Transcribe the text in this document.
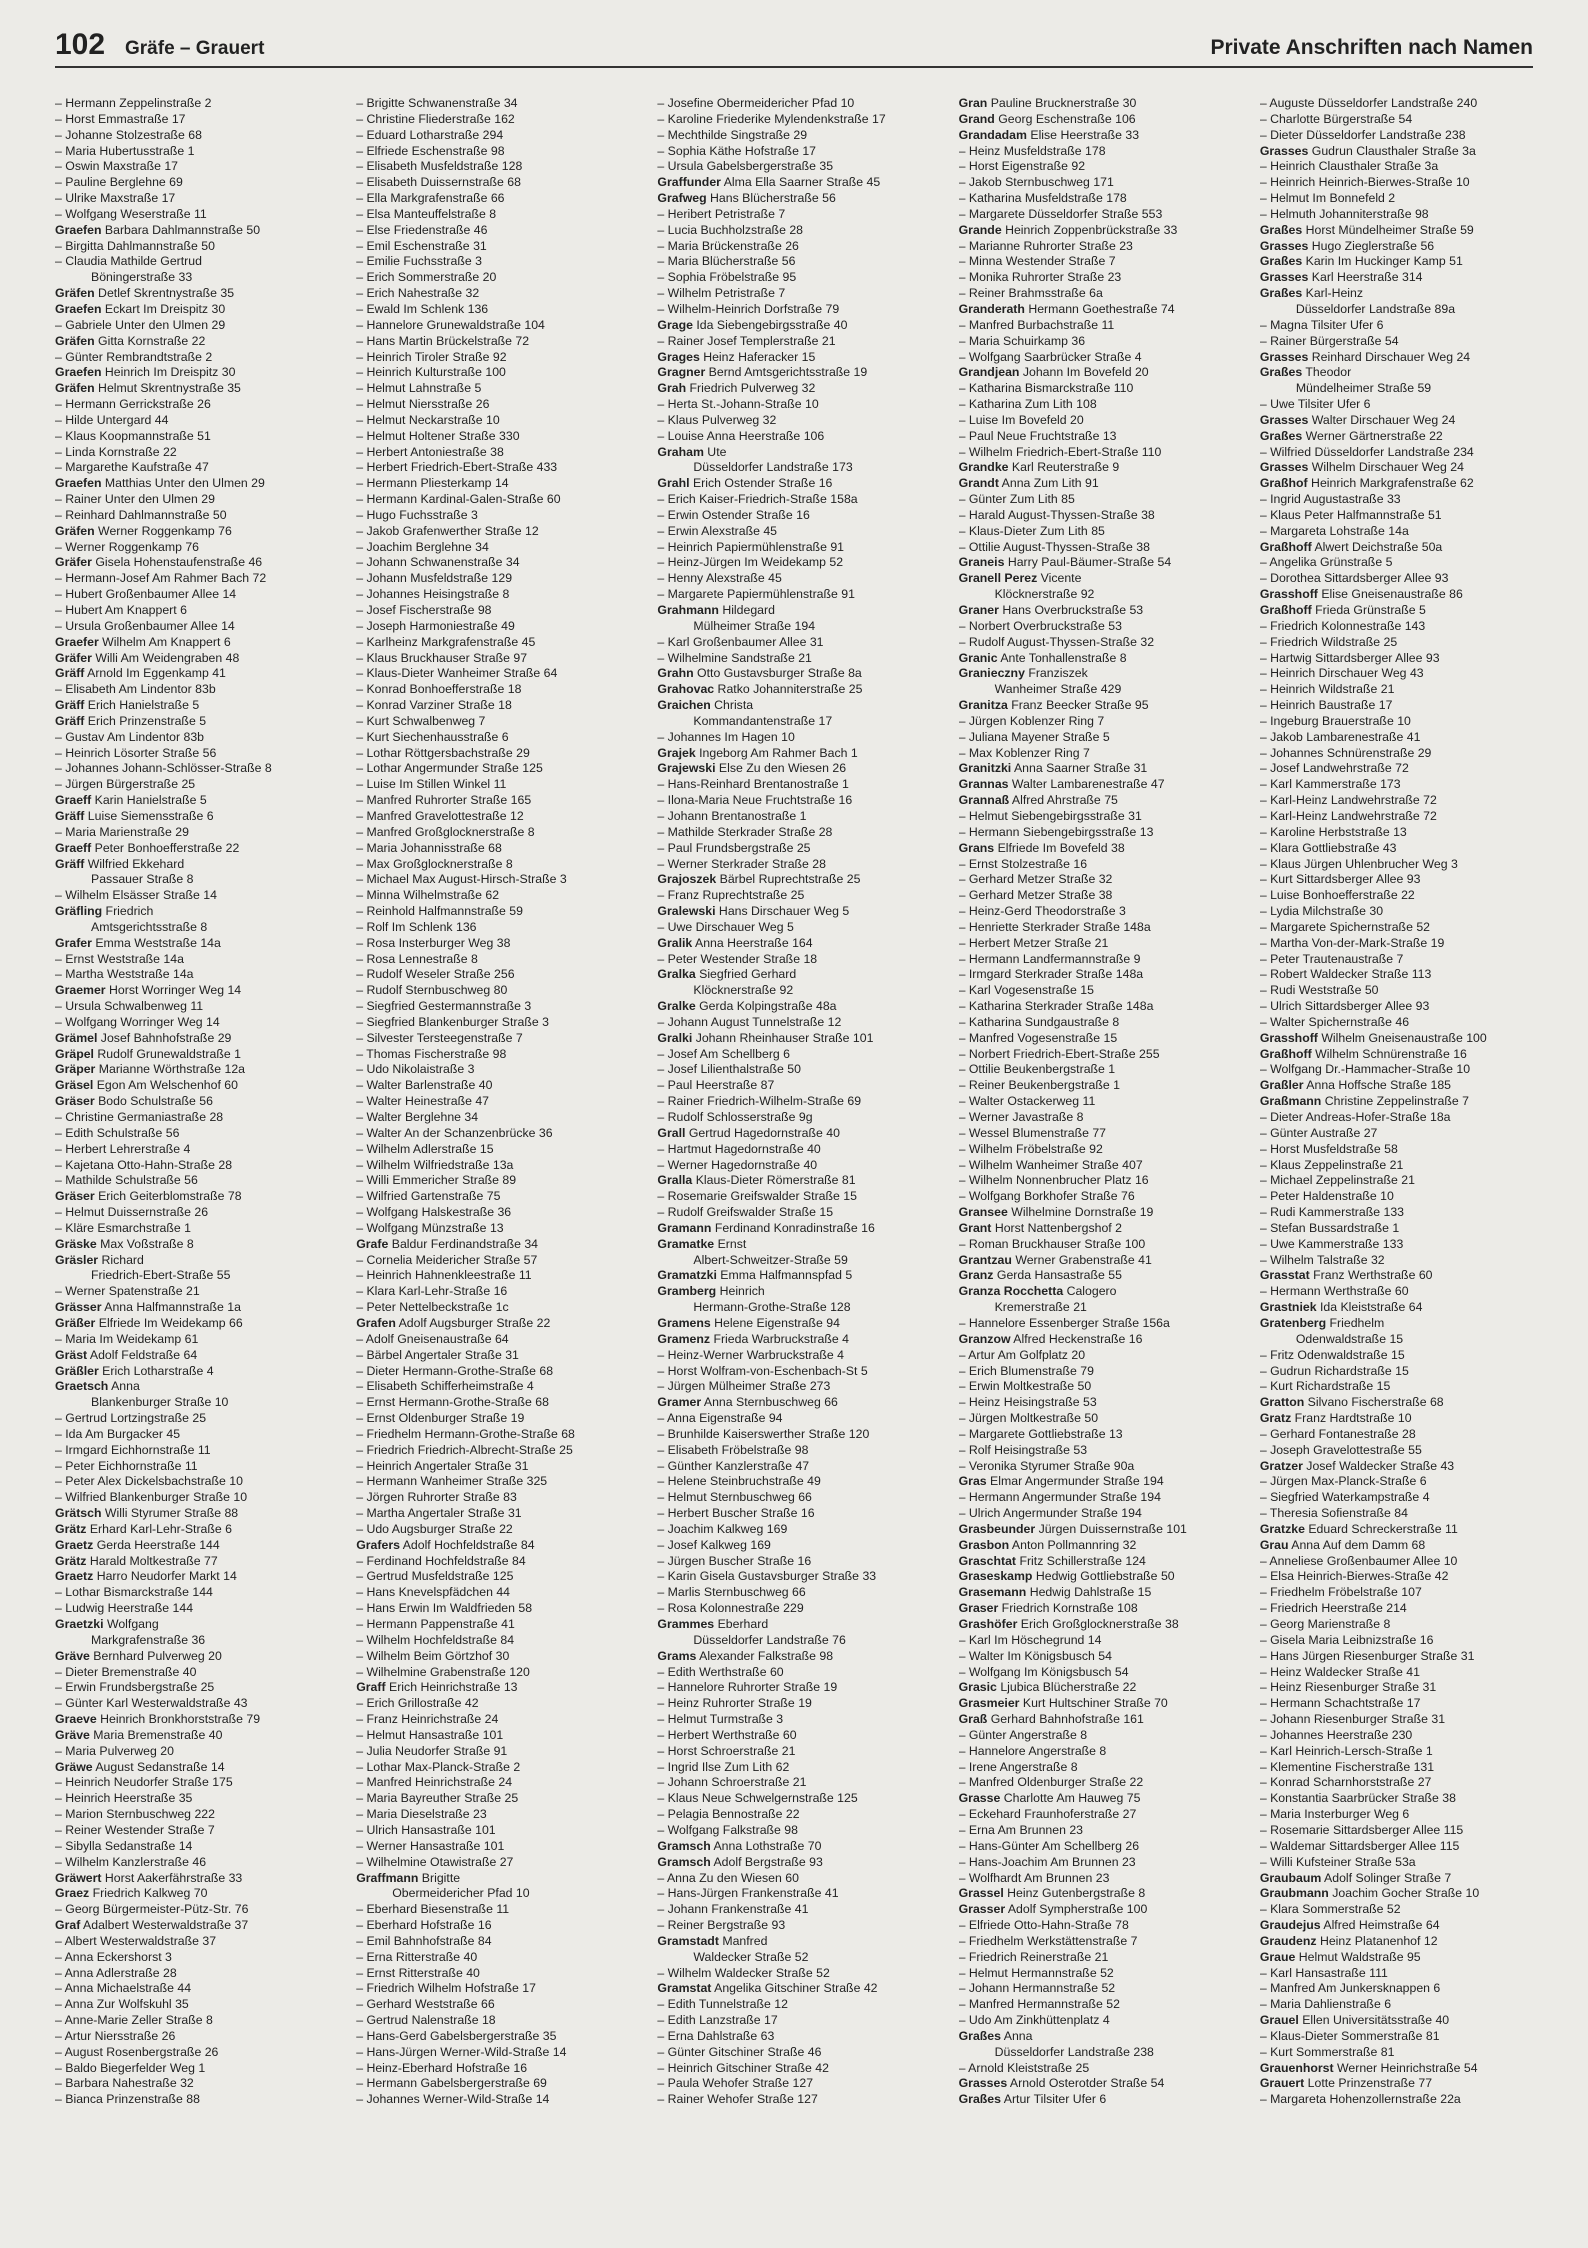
102 Gräfe – Grauert	Private Anschriften nach Namen
– Hermann Zeppelinstraße 2
– Horst Emmastraße 17
– Johanne Stolzestraße 68
– Maria Hubertusstraße 1
– Oswin Maxstraße 17
– Pauline Berglehne 69
– Ulrike Maxstraße 17
– Wolfgang Weserstraße 11
Graefen Barbara Dahlmannstraße 50
– Birgitta Dahlmannstraße 50
– Claudia Mathilde Gertrud
Böningerstraße 33
Gräfen Detlef Skrentnystraße 35
Graefen Eckart Im Dreispitz 30
– Gabriele Unter den Ulmen 29
Gräfen Gitta Kornstraße 22
– Günter Rembrandtstraße 2
Graefen Heinrich Im Dreispitz 30
Gräfen Helmut Skrentnystraße 35
– Hermann Gerrickstraße 26
– Hilde Untergard 44
– Klaus Koopmannstraße 51
– Linda Kornstraße 22
– Margarethe Kaufstraße 47
Graefen Matthias Unter den Ulmen 29
– Rainer Unter den Ulmen 29
– Reinhard Dahlmannstraße 50
Gräfen Werner Roggenkamp 76
– Werner Roggenkamp 76
Gräfer Gisela Hohenstaufenstraße 46
– Hermann-Josef Am Rahmer Bach 72
– Hubert Großenbaumer Allee 14
– Hubert Am Knappert 6
– Ursula Großenbaumer Allee 14
Graefer Wilhelm Am Knappert 6
Gräfer Willi Am Weidengraben 48
Gräff Arnold Im Eggenkamp 41
– Elisabeth Am Lindentor 83b
Gräff Erich Hanielstraße 5
Gräff Erich Prinzenstraße 5
– Gustav Am Lindentor 83b
– Heinrich Lösorter Straße 56
– Johannes Johann-Schlösser-Straße 8
– Jürgen Bürgerstraße 25
Graeff Karin Hanielstraße 5
Gräff Luise Siemensstraße 6
– Maria Marienstraße 29
Graeff Peter Bonhoefferstraße 22
Gräff Wilfried Ekkehard
Passauer Straße 8
– Wilhelm Elsässer Straße 14
Gräfling Friedrich
Amtsgerichtsstraße 8
Grafer Emma Weststraße 14a
– Ernst Weststraße 14a
– Martha Weststraße 14a
Graemer Horst Worringer Weg 14
– Ursula Schwalbenweg 11
– Wolfgang Worringer Weg 14
Grämel Josef Bahnhofstraße 29
Gräpel Rudolf Grunewaldstraße 1
Gräper Marianne Wörthstraße 12a
Gräsel Egon Am Welschenhof 60
Gräser Bodo Schulstraße 56
– Christine Germaniastraße 28
– Edith Schulstraße 56
– Herbert Lehrerstraße 4
– Kajetana Otto-Hahn-Straße 28
– Mathilde Schulstraße 56
Gräser Erich Geiterblomstraße 78
– Helmut Duissernstraße 26
– Kläre Esmarchstraße 1
Gräske Max Voßstraße 8
Gräsler Richard
Friedrich-Ebert-Straße 55
– Werner Spatenstraße 21
Grässer Anna Halfmannstraße 1a
Gräßer Elfriede Im Weidekamp 66
– Maria Im Weidekamp 61
Gräst Adolf Feldstraße 64
Gräßler Erich Lotharstraße 4
Graetsch Anna
Blankenburger Straße 10
– Gertrud Lortzingstraße 25
– Ida Am Burgacker 45
– Irmgard Eichhornstraße 11
– Peter Eichhornstraße 11
– Peter Alex Dickelsbachstraße 10
– Wilfried Blankenburger Straße 10
Grätsch Willi Styrumer Straße 88
Grätz Erhard Karl-Lehr-Straße 6
Graetz Gerda Heerstraße 144
Grätz Harald Moltkestraße 77
Graetz Harro Neudorfer Markt 14
– Lothar Bismarckstraße 144
– Ludwig Heerstraße 144
Graetzki Wolfgang
Markgrafenstraße 36
Gräve Bernhard Pulverweg 20
– Dieter Bremenstraße 40
– Erwin Frundsbergstraße 25
– Günter Karl Westerwaldstraße 43
Graeve Heinrich Bronkhorststraße 79
Gräve Maria Bremenstraße 40
– Maria Pulverweg 20
Gräwe August Sedanstraße 14
– Heinrich Neudorfer Straße 175
– Heinrich Heerstraße 35
– Marion Sternbuschweg 222
– Reiner Westender Straße 7
– Sibylla Sedanstraße 14
– Wilhelm Kanzlerstraße 46
Gräwert Horst Aakerfährstraße 33
Graez Friedrich Kalkweg 70
– Georg Bürgermeister-Pütz-Str. 76
Graf Adalbert Westerwaldstraße 37
– Albert Westerwaldstraße 37
– Anna Eckershorst 3
– Anna Adlerstraße 28
– Anna Michaelstraße 44
– Anna Zur Wolfskuhl 35
– Anne-Marie Zeller Straße 8
– Artur Niersstraße 26
– August Rosenbergstraße 26
– Baldo Biegerfelder Weg 1
– Barbara Nahestraße 32
– Bianca Prinzenstraße 88
– Brigitte Schwanenstraße 34
– Christine Fliederstraße 162
– Eduard Lotharstraße 294
– Elfriede Eschenstraße 98
– Elisabeth Musfeldstraße 128
– Elisabeth Duissernstraße 68
– Ella Markgrafenstraße 66
– Elsa Manteuffelstraße 8
– Else Friedenstraße 46
– Emil Eschenstraße 31
– Emilie Fuchsstraße 3
– Erich Sommerstraße 20
– Erich Nahestraße 32
– Ewald Im Schlenk 136
– Hannelore Grunewaldstraße 104
– Hans Martin Brückelstraße 72
– Heinrich Tiroler Straße 92
– Heinrich Kulturstraße 100
– Helmut Lahnstraße 5
– Helmut Niersstraße 26
– Helmut Neckarstraße 10
– Helmut Holtener Straße 330
– Herbert Antoniestraße 38
– Herbert Friedrich-Ebert-Straße 433
– Hermann Pliesterkamp 14
– Hermann Kardinal-Galen-Straße 60
– Hugo Fuchsstraße 3
– Jakob Grafenwerther Straße 12
– Joachim Berglehne 34
– Johann Schwanenstraße 34
– Johann Musfeldstraße 129
– Johannes Heisingstraße 8
– Josef Fischerstraße 98
– Joseph Harmoniestraße 49
– Karlheinz Markgrafenstraße 45
– Klaus Bruckhauser Straße 97
– Klaus-Dieter Wanheimer Straße 64
– Konrad Bonhoefferstraße 18
– Konrad Varziner Straße 18
– Kurt Schwalbenweg 7
– Kurt Siechenhausstraße 6
– Lothar Röttgersbachstraße 29
– Lothar Angermunder Straße 125
– Luise Im Stillen Winkel 11
– Manfred Ruhrorter Straße 165
– Manfred Gravelottestraße 12
– Manfred Großglocknerstraße 8
– Maria Johannisstraße 68
– Max Großglocknerstraße 8
– Michael Max August-Hirsch-Straße 3
– Minna Wilhelmstraße 62
– Reinhold Halfmannstraße 59
– Rolf Im Schlenk 136
– Rosa Insterburger Weg 38
– Rosa Lennestraße 8
– Rudolf Weseler Straße 256
– Rudolf Sternbuschweg 80
– Siegfried Gestermannstraße 3
– Siegfried Blankenburger Straße 3
– Silvester Tersteegenstraße 7
– Thomas Fischerstraße 98
– Udo Nikolaistraße 3
– Walter Barlenstraße 40
– Walter Heinestraße 47
– Walter Berglehne 34
– Walter An der Schanzenbrücke 36
– Wilhelm Adlerstraße 15
– Wilhelm Wilfriedstraße 13a
– Willi Emmericher Straße 89
– Wilfried Gartenstraße 75
– Wolfgang Halskestraße 36
– Wolfgang Münzstraße 13
Grafe Baldur Ferdinandstraße 34
– Cornelia Meidericher Straße 57
– Heinrich Hahnenkleestraße 11
– Klara Karl-Lehr-Straße 16
– Peter Nettelbeckstraße 1c
Grafen Adolf Augsburger Straße 22
– Adolf Gneisenaustraße 64
– Bärbel Angertaler Straße 31
– Dieter Hermann-Grothe-Straße 68
– Elisabeth Schifferheimstraße 4
– Ernst Hermann-Grothe-Straße 68
– Ernst Oldenburger Straße 19
– Friedhelm Hermann-Grothe-Straße 68
– Friedrich Friedrich-Albrecht-Straße 25
– Heinrich Angertaler Straße 31
– Hermann Wanheimer Straße 325
– Jörgen Ruhrorter Straße 83
– Martha Angertaler Straße 31
– Udo Augsburger Straße 22
Grafers Adolf Hochfeldstraße 84
– Ferdinand Hochfeldstraße 84
– Gertrud Musfeldstraße 125
– Hans Knevelspfädchen 44
– Hans Erwin Im Waldfrieden 58
– Hermann Pappenstraße 41
– Wilhelm Hochfeldstraße 84
– Wilhelm Beim Görtzhof 30
– Wilhelmine Grabenstraße 120
Graff Erich Heinrichstraße 13
– Erich Grillostraße 42
– Franz Heinrichstraße 24
– Helmut Hansastraße 101
– Julia Neudorfer Straße 91
– Lothar Max-Planck-Straße 2
– Manfred Heinrichstraße 24
– Maria Bayreuther Straße 25
– Maria Dieselstraße 23
– Ulrich Hansastraße 101
– Werner Hansastraße 101
– Wilhelmine Otawistraße 27
Graffmann Brigitte
Obermeidericher Pfad 10
– Eberhard Biesenstraße 11
– Eberhard Hofstraße 16
– Emil Bahnhofstraße 84
– Erna Ritterstraße 40
– Ernst Ritterstraße 40
– Friedrich Wilhelm Hofstraße 17
– Gerhard Weststraße 66
– Gertrud Nalenstraße 18
– Hans-Gerd Gabelsbergerstraße 35
– Hans-Jürgen Werner-Wild-Straße 14
– Heinz-Eberhard Hofstraße 16
– Hermann Gabelsbergerstraße 69
– Johannes Werner-Wild-Straße 14
– Josefine Obermeidericher Pfad 10
– Karoline Friederike Mylendenkstraße 17
– Mechthilde Singstraße 29
– Sophia Käthe Hofstraße 17
– Ursula Gabelsbergerstraße 35
Graffunder Alma Ella Saarner Straße 45
Grafweg Hans Blücherstraße 56
– Heribert Petristraße 7
– Lucia Buchholzstraße 28
– Maria Brückenstraße 26
– Maria Blücherstraße 56
– Sophia Fröbelstraße 95
– Wilhelm Petristraße 7
– Wilhelm-Heinrich Dorfstraße 79
Grage Ida Siebengebirgsstraße 40
– Rainer Josef Templerstraße 21
Grages Heinz Haferacker 15
Gragner Bernd Amtsgerichtsstraße 19
Grah Friedrich Pulverweg 32
– Herta St.-Johann-Straße 10
– Klaus Pulverweg 32
– Louise Anna Heerstraße 106
Graham Ute
Düsseldorfer Landstraße 173
Grahl Erich Ostender Straße 16
– Erich Kaiser-Friedrich-Straße 158a
– Erwin Ostender Straße 16
– Erwin Alexstraße 45
– Heinrich Papiermühlenstraße 91
– Heinz-Jürgen Im Weidekamp 52
– Henny Alexstraße 45
– Margarete Papiermühlenstraße 91
Grahmann Hildegard
Mülheimer Straße 194
– Karl Großenbaumer Allee 31
– Wilhelmine Sandstraße 21
Grahn Otto Gustavsburger Straße 8a
Grahovac Ratko Johanniterstraße 25
Graichen Christa
Kommandantenstraße 17
– Johannes Im Hagen 10
Grajek Ingeborg Am Rahmer Bach 1
Grajewski Else Zu den Wiesen 26
– Hans-Reinhard Brentanostraße 1
– Ilona-Maria Neue Fruchtstraße 16
– Johann Brentanostraße 1
– Mathilde Sterkrader Straße 28
– Paul Frundsbergstraße 25
– Werner Sterkrader Straße 28
Grajoszek Bärbel Ruprechtstraße 25
– Franz Ruprechtstraße 25
Gralewski Hans Dirschauer Weg 5
– Uwe Dirschauer Weg 5
Gralik Anna Heerstraße 164
– Peter Westender Straße 18
Gralka Siegfried Gerhard
Klöcknerstraße 92
Gralke Gerda Kolpingstraße 48a
– Johann August Tunnelstraße 12
Gralki Johann Rheinhauser Straße 101
– Josef Am Schellberg 6
– Josef Lilienthalstraße 50
– Paul Heerstraße 87
– Rainer Friedrich-Wilhelm-Straße 69
– Rudolf Schlosserstraße 9g
Grall Gertrud Hagedornstraße 40
– Hartmut Hagedornstraße 40
– Werner Hagedornstraße 40
Gralla Klaus-Dieter Römerstraße 81
– Rosemarie Greifswalder Straße 15
– Rudolf Greifswalder Straße 15
Gramann Ferdinand Konradinstraße 16
Gramatke Ernst
Albert-Schweitzer-Straße 59
Gramatzki Emma Halfmannspfad 5
Gramberg Heinrich
Hermann-Grothe-Straße 128
Gramens Helene Eigenstraße 94
Gramenz Frieda Warbruckstraße 4
– Heinz-Werner Warbruckstraße 4
– Horst Wolfram-von-Eschenbach-St 5
– Jürgen Mülheimer Straße 273
Gramer Anna Sternbuschweg 66
– Anna Eigenstraße 94
– Brunhilde Kaiserswerther Straße 120
– Elisabeth Fröbelstraße 98
– Günther Kanzlerstraße 47
– Helene Steinbruchstraße 49
– Helmut Sternbuschweg 66
– Herbert Buscher Straße 16
– Joachim Kalkweg 169
– Josef Kalkweg 169
– Jürgen Buscher Straße 16
– Karin Gisela Gustavsburger Straße 33
– Marlis Sternbuschweg 66
– Rosa Kolonnestraße 229
Grammes Eberhard
Düsseldorfer Landstraße 76
Grams Alexander Falkstraße 98
– Edith Werthstraße 60
– Hannelore Ruhrorter Straße 19
– Heinz Ruhrorter Straße 19
– Helmut Turmstraße 3
– Herbert Werthstraße 60
– Horst Schroerstraße 21
– Ingrid Ilse Zum Lith 62
– Johann Schroerstraße 21
– Klaus Neue Schwelgernstraße 125
– Pelagia Bennostraße 22
– Wolfgang Falkstraße 98
Gramsch Anna Lothstraße 70
Gramsch Adolf Bergstraße 93
– Anna Zu den Wiesen 60
– Hans-Jürgen Frankenstraße 41
– Johann Frankenstraße 41
– Reiner Bergstraße 93
Gramstadt Manfred
Waldecker Straße 52
– Wilhelm Waldecker Straße 52
Gramstat Angelika Gitschiner Straße 42
– Edith Tunnelstraße 12
– Edith Lanzstraße 17
– Erna Dahlstraße 63
– Günter Gitschiner Straße 46
– Heinrich Gitschiner Straße 42
– Paula Wehofer Straße 127
– Rainer Wehofer Straße 127
Gran Pauline Brucknerstraße 30
Grand Georg Eschenstraße 106
Grandadam Elise Heerstraße 33
– Heinz Musfeldstraße 178
– Horst Eigenstraße 92
– Jakob Sternbuschweg 171
– Katharina Musfeldstraße 178
– Margarete Düsseldorfer Straße 553
Grande Heinrich Zoppenbrückstraße 33
– Marianne Ruhrorter Straße 23
– Minna Westender Straße 7
– Monika Ruhrorter Straße 23
– Reiner Brahmsstraße 6a
Granderath Hermann Goethestraße 74
– Manfred Burbachstraße 11
– Maria Schuirkamp 36
– Wolfgang Saarbrücker Straße 4
Grandjean Johann Im Bovefeld 20
– Katharina Bismarckstraße 110
– Katharina Zum Lith 108
– Luise Im Bovefeld 20
– Paul Neue Fruchtstraße 13
– Wilhelm Friedrich-Ebert-Straße 110
Grandke Karl Reuterstraße 9
Grandt Anna Zum Lith 91
– Günter Zum Lith 85
– Harald August-Thyssen-Straße 38
– Klaus-Dieter Zum Lith 85
– Ottilie August-Thyssen-Straße 38
Graneis Harry Paul-Bäumer-Straße 54
Granell Perez Vicente
Klöcknerstraße 92
Graner Hans Overbruckstraße 53
– Norbert Overbruckstraße 53
– Rudolf August-Thyssen-Straße 32
Granic Ante Tonhallenstraße 8
Granieczny Franziszek
Wanheimer Straße 429
Granitza Franz Beecker Straße 95
– Jürgen Koblenzer Ring 7
– Juliana Mayener Straße 5
– Max Koblenzer Ring 7
Granitzki Anna Saarner Straße 31
Grannas Walter Lambarenestraße 47
Grannaß Alfred Ahrstraße 75
– Helmut Siebengebirgsstraße 31
– Hermann Siebengebirgsstraße 13
Grans Elfriede Im Bovefeld 38
– Ernst Stolzestraße 16
– Gerhard Metzer Straße 32
– Gerhard Metzer Straße 38
– Heinz-Gerd Theodorstraße 3
– Henriette Sterkrader Straße 148a
– Herbert Metzer Straße 21
– Hermann Landfermannstraße 9
– Irmgard Sterkrader Straße 148a
– Karl Vogesenstraße 15
– Katharina Sterkrader Straße 148a
– Katharina Sundgaustraße 8
– Manfred Vogesenstraße 15
– Norbert Friedrich-Ebert-Straße 255
– Ottilie Beukenbergstraße 1
– Reiner Beukenbergstraße 1
– Walter Ostackerweg 11
– Werner Javastraße 8
– Wessel Blumenstraße 77
– Wilhelm Fröbelstraße 92
– Wilhelm Wanheimer Straße 407
– Wilhelm Nonnenbrucher Platz 16
– Wolfgang Borkhofer Straße 76
Gransee Wilhelmine Dornstraße 19
Grant Horst Nattenbergshof 2
– Roman Bruckhauser Straße 100
Grantzau Werner Grabenstraße 41
Granz Gerda Hansastraße 55
Granza Rocchetta Calogero
Kremerstraße 21
– Hannelore Essenberger Straße 156a
Granzow Alfred Heckenstraße 16
– Artur Am Golfplatz 20
– Erich Blumenstraße 79
– Erwin Moltkestraße 50
– Heinz Heisingstraße 53
– Jürgen Moltkestraße 50
– Margarete Gottliebstraße 13
– Rolf Heisingstraße 53
– Veronika Styrumer Straße 90a
Gras Elmar Angermunder Straße 194
– Hermann Angermunder Straße 194
– Ulrich Angermunder Straße 194
Grasbeunder Jürgen Duissernstraße 101
Grasbon Anton Pollmannring 32
Graschtat Fritz Schillerstraße 124
Graseskamp Hedwig Gottliebstraße 50
Grasemann Hedwig Dahlstraße 15
Graser Friedrich Kornstraße 108
Grashöfer Erich Großglocknerstraße 38
– Karl Im Höschegrund 14
– Walter Im Königsbusch 54
– Wolfgang Im Königsbusch 54
Grasic Ljubica Blücherstraße 22
Grasmeier Kurt Hultschiner Straße 70
Graß Gerhard Bahnhofstraße 161
– Günter Angerstraße 8
– Hannelore Angerstraße 8
– Irene Angerstraße 8
– Manfred Oldenburger Straße 22
Grasse Charlotte Am Hauweg 75
– Eckehard Fraunhoferstraße 27
– Erna Am Brunnen 23
– Hans-Günter Am Schellberg 26
– Hans-Joachim Am Brunnen 23
– Wolfhardt Am Brunnen 23
Grassel Heinz Gutenbergstraße 8
Grasser Adolf Sympherstraße 100
– Elfriede Otto-Hahn-Straße 78
– Friedhelm Werkstättenstraße 7
– Friedrich Reinerstraße 21
– Helmut Hermannstraße 52
– Johann Hermannstraße 52
– Manfred Hermannstraße 52
– Udo Am Zinkhüttenplatz 4
Graßes Anna
Düsseldorfer Landstraße 238
– Arnold Kleiststraße 25
Grasses Arnold Osterotder Straße 54
Graßes Artur Tilsiter Ufer 6
– Auguste Düsseldorfer Landstraße 240
– Charlotte Bürgerstraße 54
– Dieter Düsseldorfer Landstraße 238
Grasses Gudrun Clausthaler Straße 3a
– Heinrich Clausthaler Straße 3a
– Heinrich Heinrich-Bierwes-Straße 10
– Helmut Im Bonnefeld 2
– Helmuth Johanniterstraße 98
Graßes Horst Mündelheimer Straße 59
Grasses Hugo Zieglerstraße 56
Graßes Karin Im Huckinger Kamp 51
Grasses Karl Heerstraße 314
Graßes Karl-Heinz
Düsseldorfer Landstraße 89a
– Magna Tilsiter Ufer 6
– Rainer Bürgerstraße 54
Grasses Reinhard Dirschauer Weg 24
Graßes Theodor
Mündelheimer Straße 59
– Uwe Tilsiter Ufer 6
Grasses Walter Dirschauer Weg 24
Graßes Werner Gärtnerstraße 22
– Wilfried Düsseldorfer Landstraße 234
Grasses Wilhelm Dirschauer Weg 24
Graßhof Heinrich Markgrafenstraße 62
– Ingrid Augustastraße 33
– Klaus Peter Halfmannstraße 51
– Margareta Lohstraße 14a
Graßhoff Alwert Deichstraße 50a
– Angelika Grünstraße 5
– Dorothea Sittardsberger Allee 93
Grasshoff Elise Gneisenaustraße 86
Graßhoff Frieda Grünstraße 5
– Friedrich Kolonnestraße 143
– Friedrich Wildstraße 25
– Hartwig Sittardsberger Allee 93
– Heinrich Dirschauer Weg 43
– Heinrich Wildstraße 21
– Heinrich Baustraße 17
– Ingeburg Brauerstraße 10
– Jakob Lambarenestraße 41
– Johannes Schnürenstraße 29
– Josef Landwehrstraße 72
– Karl Kammerstraße 173
– Karl-Heinz Landwehrstraße 72
– Karl-Heinz Landwehrstraße 72
– Karoline Herbststraße 13
– Klara Gottliebstraße 43
– Klaus Jürgen Uhlenbrucher Weg 3
– Kurt Sittardsberger Allee 93
– Luise Bonhoefferstraße 22
– Lydia Milchstraße 30
– Margarete Spichernstraße 52
– Martha Von-der-Mark-Straße 19
– Peter Trautenaustraße 7
– Robert Waldecker Straße 113
– Rudi Weststraße 50
– Ulrich Sittardsberger Allee 93
– Walter Spichernstraße 46
Grasshoff Wilhelm Gneisenaustraße 100
Graßhoff Wilhelm Schnürenstraße 16
– Wolfgang Dr.-Hammacher-Straße 10
Graßler Anna Hoffsche Straße 185
Graßmann Christine Zeppelinstraße 7
– Dieter Andreas-Hofer-Straße 18a
– Günter Austraße 27
– Horst Musfeldstraße 58
– Klaus Zeppelinstraße 21
– Michael Zeppelinstraße 21
– Peter Haldenstraße 10
– Rudi Kammerstraße 133
– Stefan Bussardstraße 1
– Uwe Kammerstraße 133
– Wilhelm Talstraße 32
Grasstat Franz Werthstraße 60
– Hermann Werthstraße 60
Grastniek Ida Kleiststraße 64
Gratenberg Friedhelm
Odenwaldstraße 15
– Fritz Odenwaldstraße 15
– Gudrun Richardstraße 15
– Kurt Richardstraße 15
Gratton Silvano Fischerstraße 68
Gratz Franz Hardtstraße 10
– Gerhard Fontanestraße 28
– Joseph Gravelottestraße 55
Gratzer Josef Waldecker Straße 43
– Jürgen Max-Planck-Straße 6
– Siegfried Waterkampstraße 4
– Theresia Sofienstraße 84
Gratzke Eduard Schreckerstraße 11
Grau Anna Auf dem Damm 68
– Anneliese Großenbaumer Allee 10
– Elsa Heinrich-Bierwes-Straße 42
– Friedhelm Fröbelstraße 107
– Friedrich Heerstraße 214
– Georg Marienstraße 8
– Gisela Maria Leibnizstraße 16
– Hans Jürgen Riesenburger Straße 31
– Heinz Waldecker Straße 41
– Heinz Riesenburger Straße 31
– Hermann Schachtstraße 17
– Johann Riesenburger Straße 31
– Johannes Heerstraße 230
– Karl Heinrich-Lersch-Straße 1
– Klementine Fischerstraße 131
– Konrad Scharnhorststraße 27
– Konstantia Saarbrücker Straße 38
– Maria Insterburger Weg 6
– Rosemarie Sittardsberger Allee 115
– Waldemar Sittardsberger Allee 115
– Willi Kufsteiner Straße 53a
Graubaum Adolf Solinger Straße 7
Graubmann Joachim Gocher Straße 10
– Klara Sommerstraße 52
Graudejus Alfred Heimstraße 64
Graudenz Heinz Platanenhof 12
Graue Helmut Waldstraße 95
– Karl Hansastraße 111
– Manfred Am Junkersknappen 6
– Maria Dahlienstraße 6
Grauel Ellen Universitätsstraße 40
– Klaus-Dieter Sommerstraße 81
– Kurt Sommerstraße 81
Grauenhorst Werner Heinrichstraße 54
Grauert Lotte Prinzenstraße 77
– Margareta Hohenzollernstraße 22a
